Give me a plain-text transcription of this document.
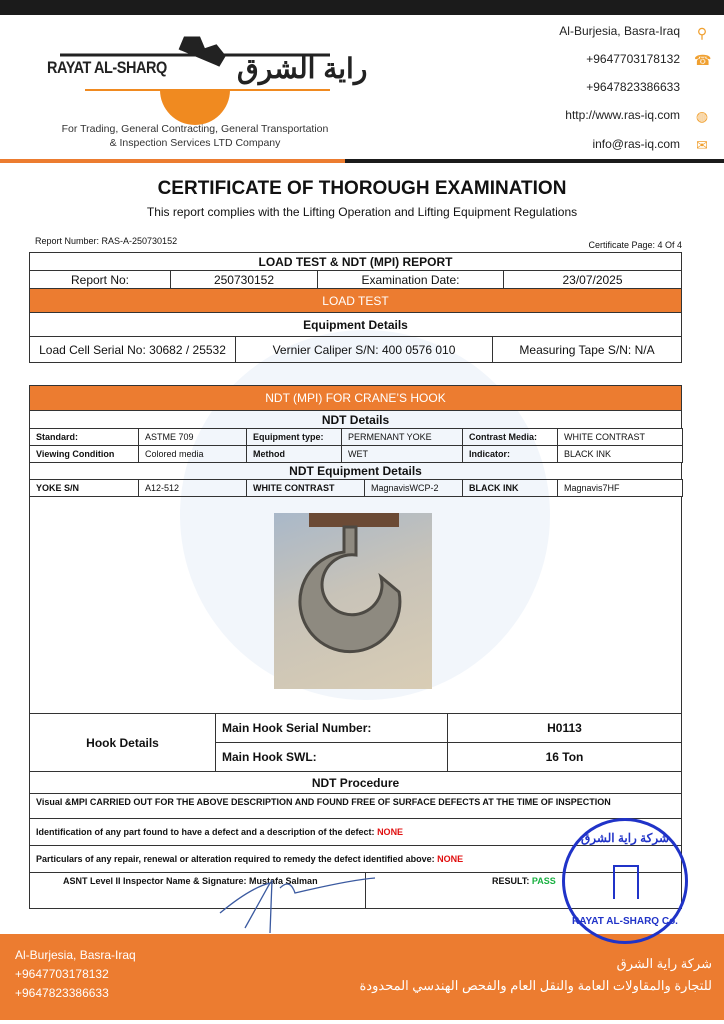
RAYAT AL-SHARQ	راية الشرق
For Trading, General Contracting, General Transportation
& Inspection Services LTD Company
Al-Burjesia, Basra-Iraq ⚲
+9647703178132 ☎
+9647823386633
http://www.ras-iq.com ◍
info@ras-iq.com ✉
CERTIFICATE OF THOROUGH EXAMINATION
This report complies with the Lifting Operation and Lifting Equipment Regulations
Report Number: RAS-A-250730152	Certificate Page: 4 Of 4
LOAD TEST & NDT (MPI) REPORT
Report No:	250730152	Examination Date:	23/07/2025
LOAD TEST
Equipment Details
Load Cell Serial No: 30682 / 25532	Vernier Caliper S/N: 400 0576 010	Measuring Tape S/N: N/A
NDT (MPI) FOR CRANE’S HOOK
NDT Details
Standard:	ASTME 709	Equipment type:	PERMENANT YOKE	Contrast Media:	WHITE CONTRAST
Viewing Condition	Colored media	Method	WET	Indicator:	BLACK INK
YOKE S/N	A12-512	WHITE CONTRAST	MagnavisWCP-2	BLACK INK	Magnavis7HF
NDT Equipment Details
Hook Details
Main Hook Serial Number:	H0113
Main Hook SWL:	16 Ton
NDT Procedure
Visual &MPI CARRIED OUT FOR THE ABOVE DESCRIPTION AND FOUND FREE OF SURFACE DEFECTS AT THE TIME OF INSPECTION
Identification of any part found to have a defect and a description of the defect:
NONE
Particulars of any repair, renewal or alteration required to remedy the defect identified above:
NONE
ASNT Level II Inspector Name & Signature: Mustafa Salman	RESULT:
PASS
Al-Burjesia, Basra-Iraq
+9647703178132
+9647823386633
شركة راية الشرق
للتجارة والمقاولات العامة والنقل العام والفحص الهندسي المحدودة
شركة راية الشرق
RAYAT AL-SHARQ Co.
